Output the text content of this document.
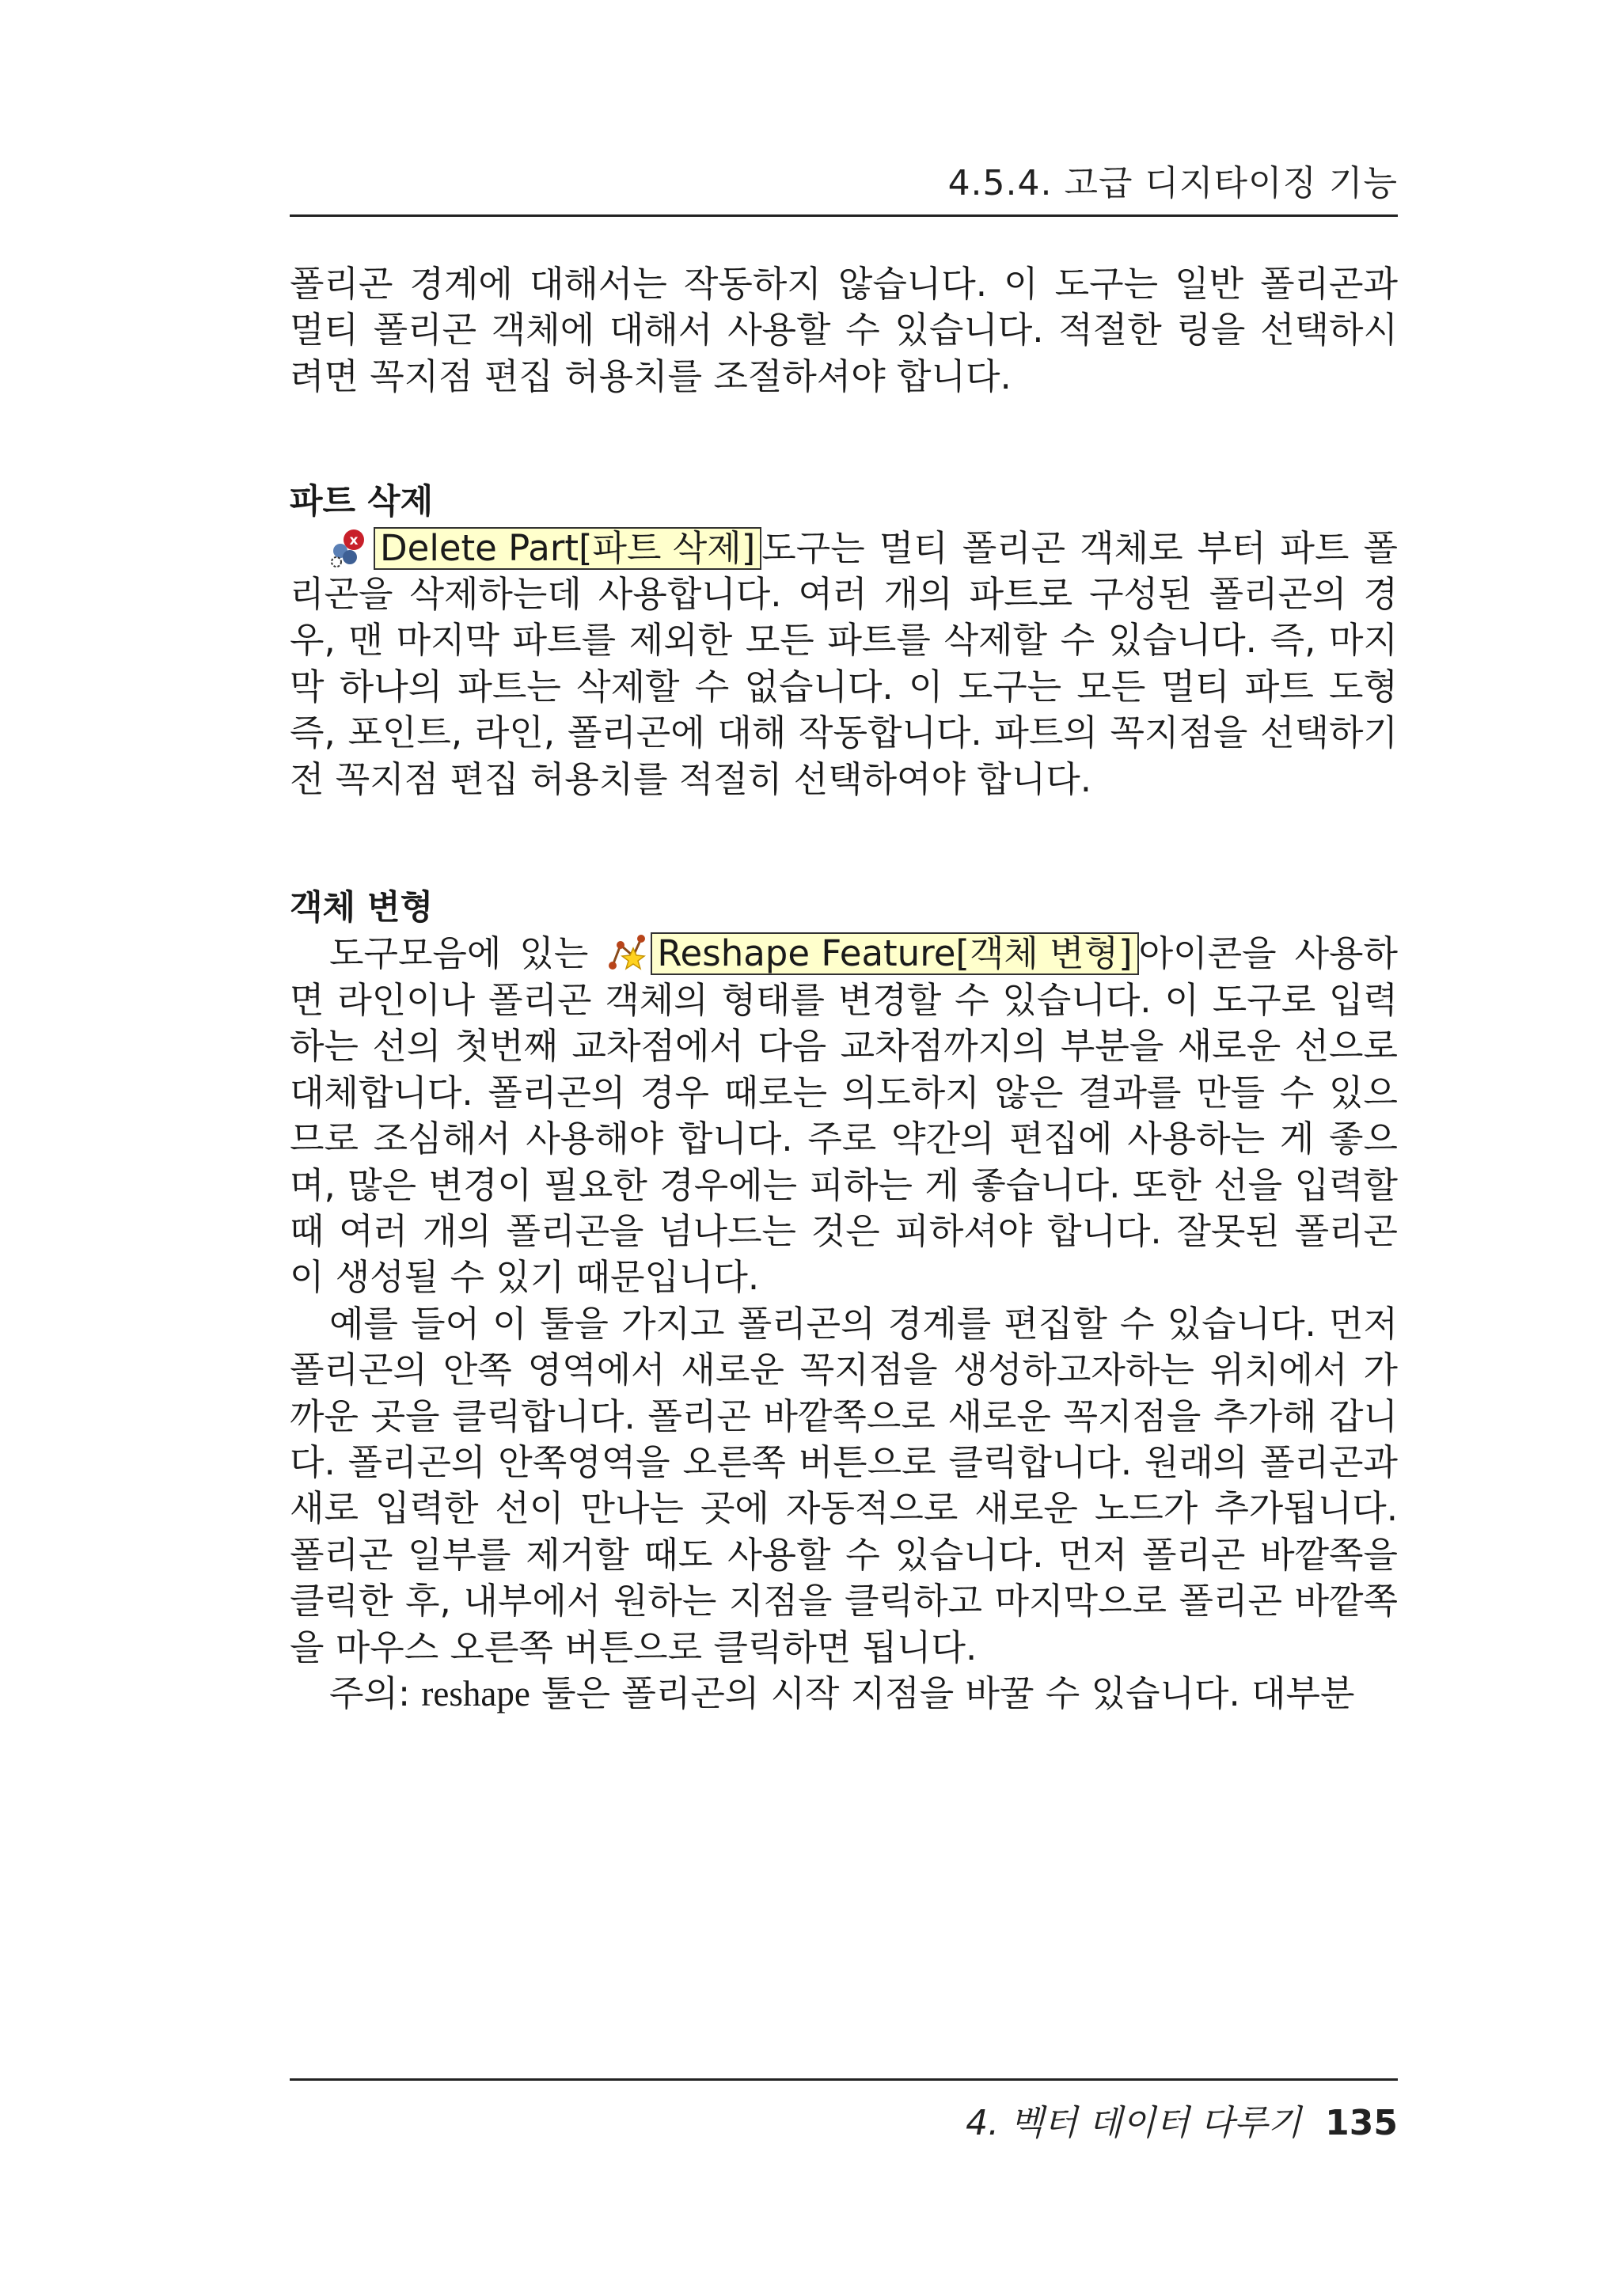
4.5.4. 고급 디지타이징 기능

폴리곤 경계에 대해서는 작동하지 않습니다. 이 도구는 일반 폴리곤과 멀티 폴리곤 객체에 대해서 사용할 수 있습니다. 적절한 링을 선택하시려면 꼭지점 편집 허용치를 조절하셔야 합니다.

파트 삭제

x Delete Part[파트 삭제] 도구는 멀티 폴리곤 객체로 부터 파트 폴리곤을 삭제하는데 사용합니다. 여러 개의 파트로 구성된 폴리곤의 경우, 맨 마지막 파트를 제외한 모든 파트를 삭제할 수 있습니다. 즉, 마지막 하나의 파트는 삭제할 수 없습니다. 이 도구는 모든 멀티 파트 도형 즉, 포인트, 라인, 폴리곤에 대해 작동합니다. 파트의 꼭지점을 선택하기 전 꼭지점 편집 허용치를 적절히 선택하여야 합니다.

객체 변형

도구모음에 있는 Reshape Feature[객체 변형] 아이콘을 사용하면 라인이나 폴리곤 객체의 형태를 변경할 수 있습니다. 이 도구로 입력하는 선의 첫번째 교차점에서 다음 교차점까지의 부분을 새로운 선으로 대체합니다. 폴리곤의 경우 때로는 의도하지 않은 결과를 만들 수 있으므로 조심해서 사용해야 합니다. 주로 약간의 편집에 사용하는 게 좋으며, 많은 변경이 필요한 경우에는 피하는 게 좋습니다. 또한 선을 입력할 때 여러 개의 폴리곤을 넘나드는 것은 피하셔야 합니다. 잘못된 폴리곤이 생성될 수 있기 때문입니다.

예를 들어 이 툴을 가지고 폴리곤의 경계를 편집할 수 있습니다. 먼저 폴리곤의 안쪽 영역에서 새로운 꼭지점을 생성하고자하는 위치에서 가까운 곳을 클릭합니다. 폴리곤 바깥쪽으로 새로운 꼭지점을 추가해 갑니다. 폴리곤의 안쪽영역을 오른쪽 버튼으로 클릭합니다. 원래의 폴리곤과 새로 입력한 선이 만나는 곳에 자동적으로 새로운 노드가 추가됩니다. 폴리곤 일부를 제거할 때도 사용할 수 있습니다. 먼저 폴리곤 바깥쪽을 클릭한 후, 내부에서 원하는 지점을 클릭하고 마지막으로 폴리곤 바깥쪽을 마우스 오른쪽 버튼으로 클릭하면 됩니다.

주의: reshape 툴은 폴리곤의 시작 지점을 바꿀 수 있습니다. 대부분

4. 벡터 데이터 다루기 135
